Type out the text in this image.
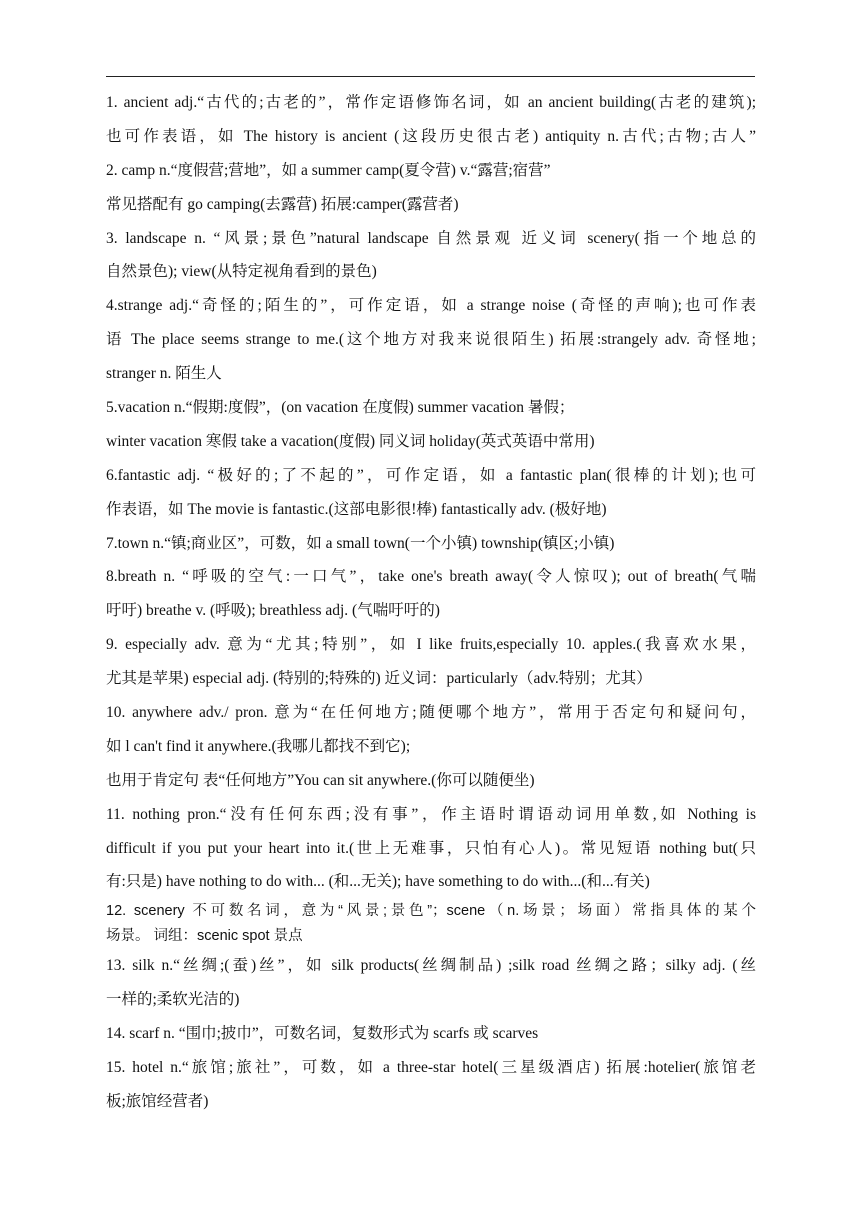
1. ancient adj.“古代的;古老的”，常作定语修饰名词，如 an ancient building(古老的建筑);
也可作表语，如 The history is ancient (这段历史很古老) antiquity n.古代;古物;古人”
2. camp n.“度假营;营地”，如 a summer camp(夏令营) v.“露营;宿营”
常见搭配有 go camping(去露营) 拓展:camper(露营者)
3. landscape n. “风景;景色”natural landscape 自然景观 近义词 scenery(指一个地总的
自然景色); view(从特定视角看到的景色)
4.strange adj.“奇怪的;陌生的”，可作定语，如 a strange noise (奇怪的声响);也可作表
语 The place seems strange to me.(这个地方对我来说很陌生) 拓展:strangely adv. 奇怪地;
stranger n. 陌生人
5.vacation n.“假期:度假”，(on vacation 在度假) summer vacation 暑假；
winter vacation 寒假 take a vacation(度假) 同义词 holiday(英式英语中常用)
6.fantastic adj. “极好的;了不起的”，可作定语，如 a fantastic plan(很棒的计划);也可
作表语，如 The movie is fantastic.(这部电影很!棒) fantastically adv. (极好地)
7.town n.“镇;商业区”，可数，如 a small town(一个小镇) township(镇区;小镇)
8.breath n. “呼吸的空气:一口气”，take one's breath away(令人惊叹); out of breath(气喘
吁吁) breathe v. (呼吸); breathless adj. (气喘吁吁的)
9. especially adv. 意为“尤其;特别”，如 I like fruits,especially 10. apples.(我喜欢水果，
尤其是苹果) especial adj. (特别的;特殊的) 近义词：particularly（adv.特别；尤其）
10. anywhere adv./ pron. 意为“在任何地方;随便哪个地方”，常用于否定句和疑问句，
如 l can't find it anywhere.(我哪儿都找不到它);
也用于肯定句 表“任何地方”You can sit anywhere.(你可以随便坐)
11. nothing pron.“没有任何东西;没有事”，作主语时谓语动词用单数,如 Nothing is
difficult if you put your heart into it.(世上无难事，只怕有心人)。常见短语 nothing but(只
有:只是) have nothing to do with... (和...无关); have something to do with...(和...有关)
12. scenery 不可数名词，意为“风景;景色”；scene（n.场景；场面）常指具体的某个
场景。 词组：scenic spot 景点
13. silk n.“丝绸;(蚕)丝”，如 silk products(丝绸制品) ;silk road 丝绸之路；silky adj. (丝
一样的;柔软光洁的)
14. scarf n. “围巾;披巾”，可数名词，复数形式为 scarfs 或 scarves
15. hotel n.“旅馆;旅社”，可数，如 a three-star hotel(三星级酒店) 拓展:hotelier(旅馆老
板;旅馆经营者)
